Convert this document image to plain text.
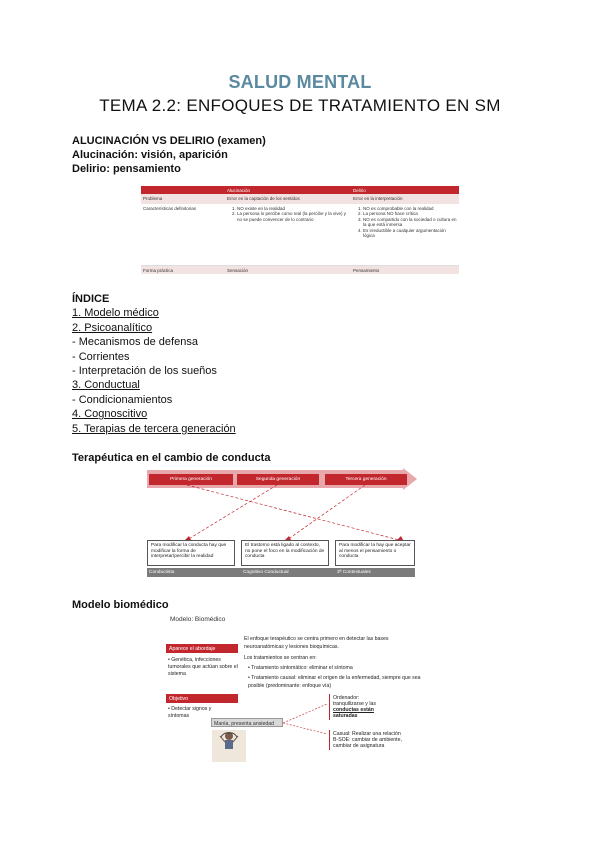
SALUD MENTAL
TEMA 2.2: ENFOQUES DE TRATAMIENTO EN SM
ALUCINACIÓN VS DELIRIO (examen)
Alucinación: visión, aparición
Delirio: pensamiento
Alucinación	Delirio
Problema	Error en la captación de los sentidos	Error en la interpretación
Características definitorias
1.	NO existe en la realidad
2. La persona lo percibe como real (la percibe y la vive) y no se puede convencer de lo contrario
1. NO es comprobable con la realidad
2. La persona NO hace crítica
3. NO es compartido con la sociedad o cultura en la que está inmersa
4. Es irreductible a cualquier argumentación lógica
Forma práctica	Sensación	Pensamiento
ÍNDICE
1. Modelo médico
2. Psicoanalítico
- Mecanismos de defensa
- Corrientes
- Interpretación de los sueños
3. Conductual
- Condicionamientos
4. Cognoscitivo
5. Terapias de tercera generación
Terapéutica en el cambio de conducta
Primera generación	Segunda generación	Tercera generación
Para modificar la conducta hay que modificar la forma de interpretar/percibir la realidad
El trastorno está ligado al contexto, no pone el foco en la modificación de conducta
Para modificar la hay que aceptar al menos el pensamiento o conducta
Conductista	Cognitivo Conductual	3ª Contextuales
Modelo biomédico
Modelo: Biomédico
Aparece el abordaje
• Genética, infecciones tumorales que actúan sobre el sistema
Objetivo
• Detectar signos y síntomas
El enfoque terapéutico se centra primero en detectar las bases
neuroanatómicas y lesiones bioquímicas.
Los tratamientos se centran en:
• Tratamiento sintomático: eliminar el síntoma
• Tratamiento causal: eliminar el origen de la enfermedad, siempre que sea
posible (predominante: enfoque vía)
Ordenador:
tranquilizarse y las
conductas están
saturadas
Casual: Realizar una relación
B-SOE: cambiar de ambiente,
cambiar de asignatura
Manía, presenta ansiedad
